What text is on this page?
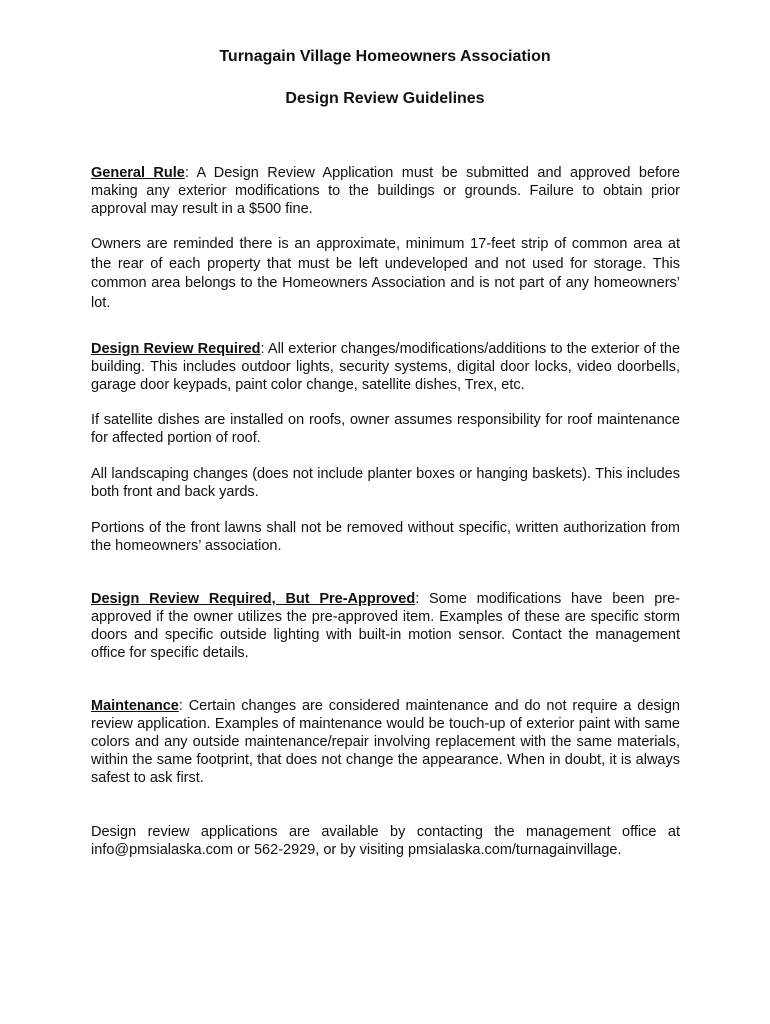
Turnagain Village Homeowners Association
Design Review Guidelines

General Rule: A Design Review Application must be submitted and approved before making any exterior modifications to the buildings or grounds. Failure to obtain prior approval may result in a $500 fine.

Owners are reminded there is an approximate, minimum 17-feet strip of common area at the rear of each property that must be left undeveloped and not used for storage. This common area belongs to the Homeowners Association and is not part of any homeowners’ lot.

Design Review Required: All exterior changes/modifications/additions to the exterior of the building. This includes outdoor lights, security systems, digital door locks, video doorbells, garage door keypads, paint color change, satellite dishes, Trex, etc.

If satellite dishes are installed on roofs, owner assumes responsibility for roof maintenance for affected portion of roof.

All landscaping changes (does not include planter boxes or hanging baskets). This includes both front and back yards.

Portions of the front lawns shall not be removed without specific, written authorization from the homeowners’ association.

Design Review Required, But Pre-Approved: Some modifications have been pre-approved if the owner utilizes the pre-approved item. Examples of these are specific storm doors and specific outside lighting with built-in motion sensor. Contact the management office for specific details.

Maintenance: Certain changes are considered maintenance and do not require a design review application. Examples of maintenance would be touch-up of exterior paint with same colors and any outside maintenance/repair involving replacement with the same materials, within the same footprint, that does not change the appearance. When in doubt, it is always safest to ask first.

Design review applications are available by contacting the management office at info@pmsialaska.com or 562-2929, or by visiting pmsialaska.com/turnagainvillage.
